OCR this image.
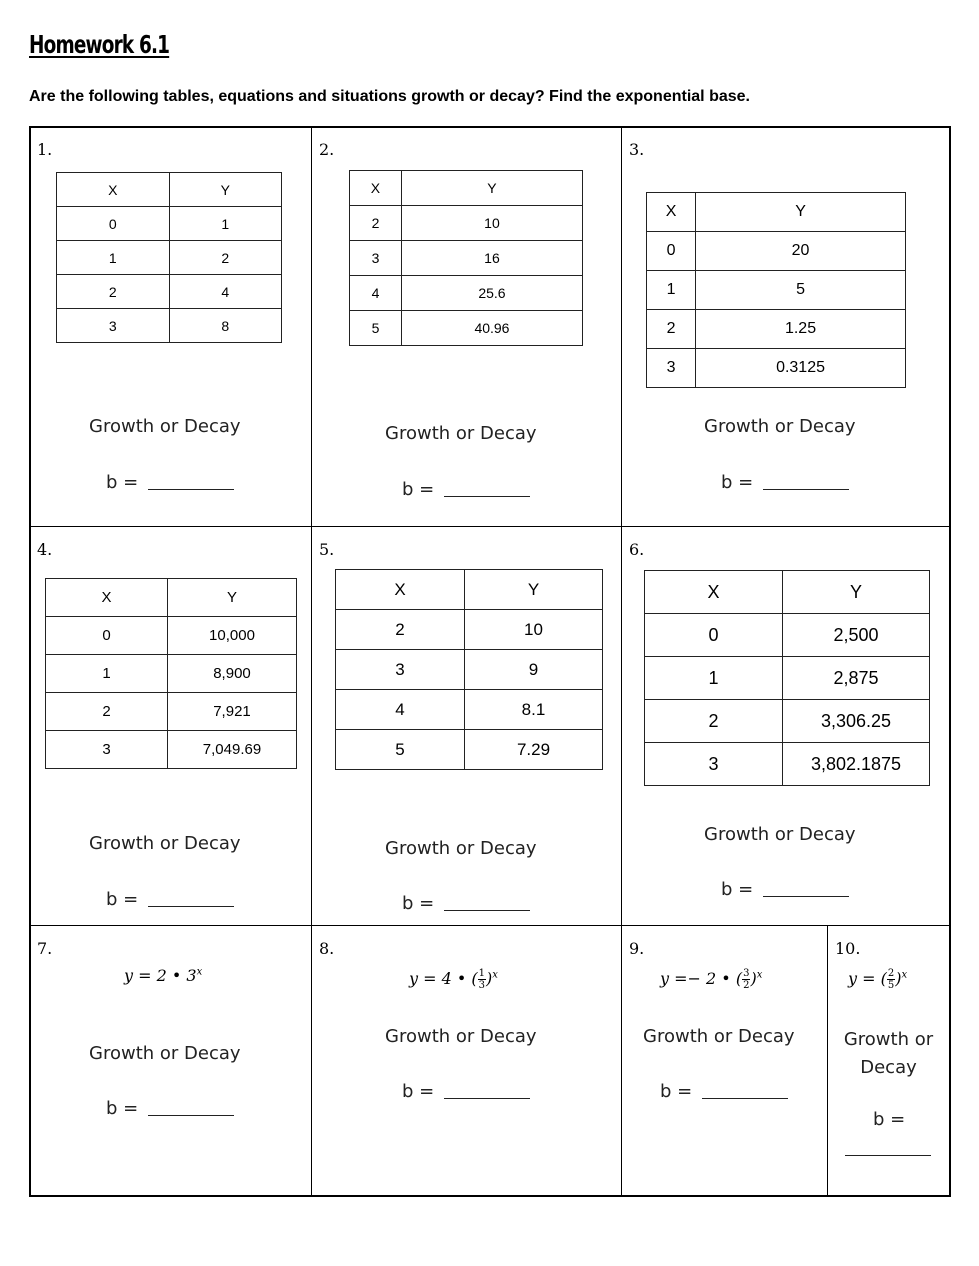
Homework 6.1
Are the following tables, equations and situations growth or decay? Find the exponential base.
1.
X	Y
0	1
1	2
2	4
3	8
Growth or Decay
b =
2.
X	Y
2	10
3	16
4	25.6
5	40.96
Growth or Decay
b =
3.
X	Y
0	20
1	5
2	1.25
3	0.3125
Growth or Decay
b =
4.
X	Y
0	10,000
1	8,900
2	7,921
3	7,049.69
Growth or Decay
b =
5.
X	Y
2	10
3	9
4	8.1
5	7.29
Growth or Decay
b =
6.
X	Y
0	2,500
1	2,875
2	3,306.25
3	3,802.1875
Growth or Decay
b =
7.
y = 2 • 3$^x$
Growth or Decay
b =
8.
y = 4 • ( $\frac{1}{3} )^x$
Growth or Decay
b =
9.
y =− 2 • ( $\frac{3}{2} )^x$
Growth or Decay
b =
10.
y = ( $\frac{2}{5} )^x$
Growth or
Decay
b =
